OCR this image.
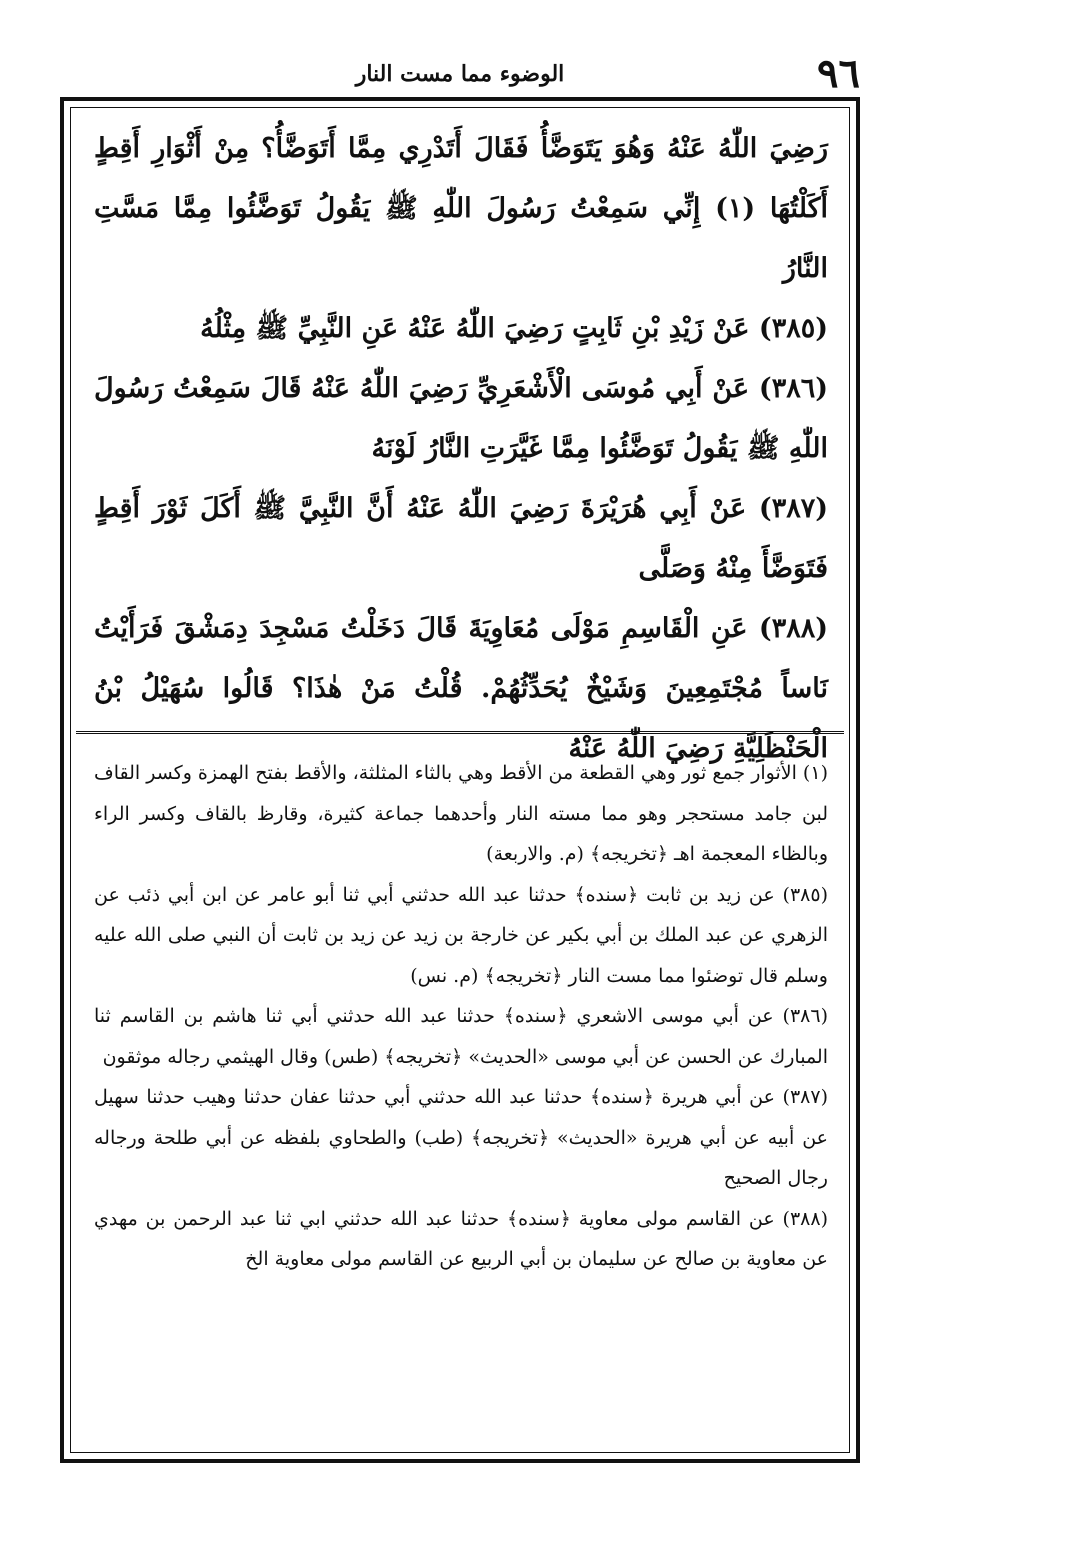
٩٦
الوضوء مما مست النار

رَضِيَ اللّٰهُ عَنْهُ وَهُوَ يَتَوَضَّأُ فَقَالَ أَتَدْرِي مِمَّا أَتَوَضَّأُ؟ مِنْ أَثْوَارِ أَقِطٍ أَكَلْتُهَا (١) إِنِّي سَمِعْتُ رَسُولَ اللّٰهِ ﷺ يَقُولُ تَوَضَّئُوا مِمَّا مَسَّتِ النَّارُ

(٣٨٥) عَنْ زَيْدِ بْنِ ثَابِتٍ رَضِيَ اللّٰهُ عَنْهُ عَنِ النَّبِيِّ ﷺ مِثْلُهُ

(٣٨٦) عَنْ أَبِي مُوسَى الْأَشْعَرِيِّ رَضِيَ اللّٰهُ عَنْهُ قَالَ سَمِعْتُ رَسُولَ اللّٰهِ ﷺ يَقُولُ تَوَضَّئُوا مِمَّا غَيَّرَتِ النَّارُ لَوْنَهُ

(٣٨٧) عَنْ أَبِي هُرَيْرَةَ رَضِيَ اللّٰهُ عَنْهُ أَنَّ النَّبِيَّ ﷺ أَكَلَ ثَوْرَ أَقِطٍ فَتَوَضَّأَ مِنْهُ وَصَلَّى

(٣٨٨) عَنِ الْقَاسِمِ مَوْلَى مُعَاوِيَةَ قَالَ دَخَلْتُ مَسْجِدَ دِمَشْقَ فَرَأَيْتُ نَاساً مُجْتَمِعِينَ وَشَيْخٌ يُحَدِّثُهُمْ. قُلْتُ مَنْ هٰذَا؟ قَالُوا سُهَيْلُ بْنُ الْحَنْظَلِيَّةِ رَضِيَ اللّٰهُ عَنْهُ

(١) الأثوار جمع ثور وهي القطعة من الأقط وهي بالثاء المثلثة، والأقط بفتح الهمزة وكسر القاف لبن جامد مستحجر وهو مما مسته النار وأحدهما جماعة كثيرة، وقارظ بالقاف وكسر الراء وبالظاء المعجمة اهـ ﴿تخريجه﴾ (م. والاربعة)

(٣٨٥) عن زيد بن ثابت ﴿سنده﴾ حدثنا عبد الله حدثني أبي ثنا أبو عامر عن ابن أبي ذئب عن الزهري عن عبد الملك بن أبي بكير عن خارجة بن زيد عن زيد بن ثابت أن النبي صلى الله عليه وسلم قال توضئوا مما مست النار ﴿تخريجه﴾ (م. نس)

(٣٨٦) عن أبي موسى الاشعري ﴿سنده﴾ حدثنا عبد الله حدثني أبي ثنا هاشم بن القاسم ثنا المبارك عن الحسن عن أبي موسى «الحديث» ﴿تخريجه﴾ (طس) وقال الهيثمي رجاله موثقون

(٣٨٧) عن أبي هريرة ﴿سنده﴾ حدثنا عبد الله حدثني أبي حدثنا عفان حدثنا وهيب حدثنا سهيل عن أبيه عن أبي هريرة «الحديث» ﴿تخريجه﴾ (طب) والطحاوي بلفظه عن أبي طلحة ورجاله رجال الصحيح

(٣٨٨) عن القاسم مولى معاوية ﴿سنده﴾ حدثنا عبد الله حدثني ابي ثنا عبد الرحمن بن مهدي عن معاوية بن صالح عن سليمان بن أبي الربيع عن القاسم مولى معاوية الخ
